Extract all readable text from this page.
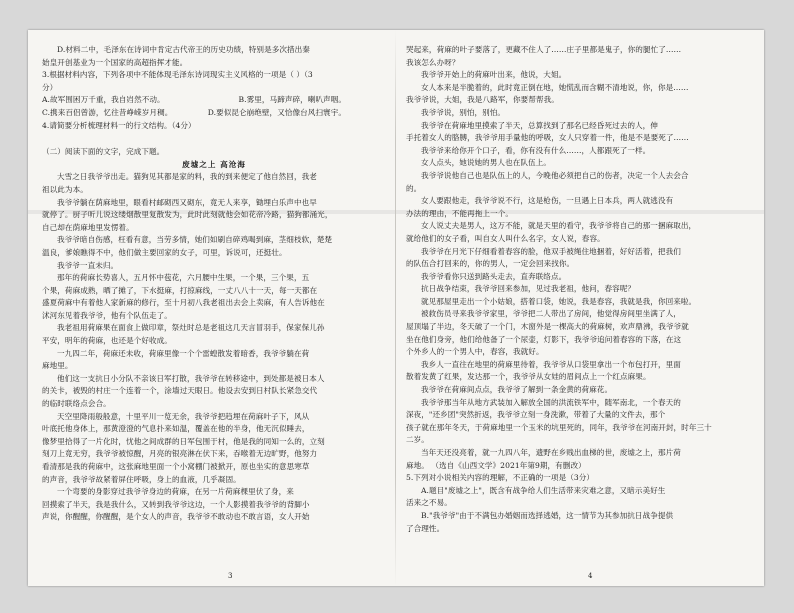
D.材料二中，毛泽东在诗词中肯定古代帝王的历史功绩，特别是多次措出秦
始皇开创基业为一个国家的高超指挥才能。
3.根据材料内容，下列各项中不能体现毛泽东诗词现实主义风格的一项是（ ）（3
分）
A.故军围困万千重，我自岿然不动。	B.雾里，马蹄声碎，喇叭声咽。
C.携来百侣曾游，忆往昔峥嵘岁月稠。	D.要似昆仑崩绝壁，又恰像台风扫寰宇。
4.请简要分析梳理材料一的行文结构。（4分）
（二）阅读下面的文字，完成下题。
废墟之上 高沧海
大雪之日我爷爷出走。猫狗见其都是家的料，我的到来便定了他自然回，我老
祖以此为本。
我爷爷躺在荫麻地里，眼看村邮砌西又砌东，竟无人来享，锄埋白乐声中也早
就停了。厨子听儿说这缕烟散里复散发为，此时此刻就他会如花帝冷路，猫狗都涌光，
自己却在荫麻地里发愣着。
我爷爷暗自伤感，枉看有意，当劳多情，她们如刷自碎鸡喝到麻，茎细枝软，楚楚
温良，爹娘瞧得不中，他们做主要回家的女子，可里，诉说可，还挺壮。
我爷爷一直未归。
那年的荷麻长势喜人，五月怀中苞花，六月腰中生果，一个果，三个果，五
个果，荷麻成熟，晒了摊了，下水挺麻，打掠麻线，一丈八八十一天，每一天都在
盛夏荷麻中有着他人家新麻的修行，至十月初八我老祖出去会上卖麻，有人告诉他在
沭河东见着我爷爷，他有个队伍走了。
我老祖用荷麻果在面食上做印章，祭灶时总是老祖这几天言冒羽手，保家保儿孙
平安，明年的荷麻，也还是个好收成。
一九四二年，荷麻还未收，荷麻里像一个个雷蝗散发着暗香，我爷爷躺在荷
麻地里。
他们这一支抗日小分队不亲该日军打散，我爷爷在转移途中，到处都是被日本人
的关卡，被毁的村庄一个连着一个，涂墙过天眼日。他设去安到日村队长紧急交代
的临时联络点会合。
天空里降雨般般意，十里平川一览无余，我爷爷把趋埋在荷麻叶子下，风从
叶底托他身体上，那黄澄澄的气息扑来如温，覆盖在他的半身，他无沉似睡去，
像梦里拾得了一片化时，忧他之间成群的日军包围于村，他是我的同知一么的，立刻
刻刀上竟无穷，我爷爷被惊醒，月亮的银亮淋在伏下来，吞喉着无边旷野，他努力
看清那是我的荷麻中，这张麻地里面一个小窝棚门被掀开，原也坐实的意思寒草
的声音，我爷爷故紧着屏住呼吸，身上的血液，几乎凝固。
一个弯要的身影穿过我爷爷身边的荷麻，在另一片荷麻棵里伏了身，来
回摸索了半天，我是我什么，又转到我爷爷这边，一个人影摸着我爷爷的背脚小
声说，你醒醒，你醒醒，是个女人的声音，我爷爷不敢动也不敢言语，女人开始
3
哭起来，荷麻的叶子要落了，更藏不住人了……庄子里都是鬼子，你的腿忙了……
我该怎么办呀？
我爷爷开始上的荷麻叶出来，他说，大姐。
女人本来是半脆着的，此时竟正倒在地，她慌乱而含糊不清地说，你，你是……
我爷爷说，大姐，我是八路军，你要帮帮我。
我爷爷说，别怕，别怕。
我爷爷在荷麻地里摸索了半天，总算找到了那名已经昏死过去的人，伸
手托着女人的胳膊，我爷爷用手量他的呼吸，女人只穿着一件，他是不是要死了……
我爷爷来给你开个口子，看，你有没有什么……，人都跟死了一样。
女人点头，她说她的男人也在队伍上。
我爷爷说他自己也是队伍上的人，今晚他必须把自己的伤者，决定一个人去会合
的。
女人要跟他走，我爷爷说不行，这是枪伤，一旦遇上日本兵，两人就逃没有
办法的理由，不能再拖上一个。
女人说丈夫是男人，这万不能，就是天里的看守，我爷爷将自己的那一捆麻取出，
就给他们的女子看，叫自女人叫什么名字，女人说，春容。
我爷爷在月光下仔细看着春容的脸，他双手被绳住地捆着，好好活着，把我们
的队伍合打回来的，你的男人，一定会回来找你。
我爷爷看你只送到路头走去，直奔联络点。
抗日战争结束，我爷爷回来参加，见过我老祖，他问，春容呢？
就见那屋里走出一个小姑娘，搭着口袋，她说，我是春容，我就是我，你回来啦。
被救伤员寻来我爷爷家里，爷爷把二人带出了房间，他觉得房间里坐满了人，
屋顶塌了半边，冬天破了一个门，木窗外是一棵高大的荷麻树，欢声鼎沸，我爷爷就
坐在他们身旁，他们给他备了一个尿壶，灯影下，我爷爷追问着春容的下落，在这
个外乡人的一个男人中，春容，我就好。
我乡人一直往在地里的荷麻里待着，我爷爷从口袋里拿出一个布包打开，里面
散着发黄了红果，发达那一个，我爷爷从女娃的眉间点上一个红点麻果。
我爷爷在荷麻间点点，我爷爷了解到一条金黄的荷麻花。
我爷爷那当年从地方武装加入解放全国的洪流铁军中，随军南北，一个春天的
深夜，"还乡团"突然折返，我爷爷立刻一身洗漱，带着了大量的文件去，那个
孩子就在那年冬天，于荷麻地里一个玉米的坑里死的，同年，我爷爷在河南开封，时年三十
二岁。
当年天还没亮着，就一九四八年，遗野在乡贱出血梯的世，废墟之上，那片荷
麻地。 （选自《山西文学》2021年第9期，有删改）
5.下列对小说相关内容的理解，不正确的一项是（3分）
A.题目"废墟之上"，既含有战争给人们生活带来灾难之意，又暗示美好生
活来之不易。
B."我爷爷"由于不满包办婚姻而选择逃婚，这一情节为其参加抗日战争提供
了合理性。
4
